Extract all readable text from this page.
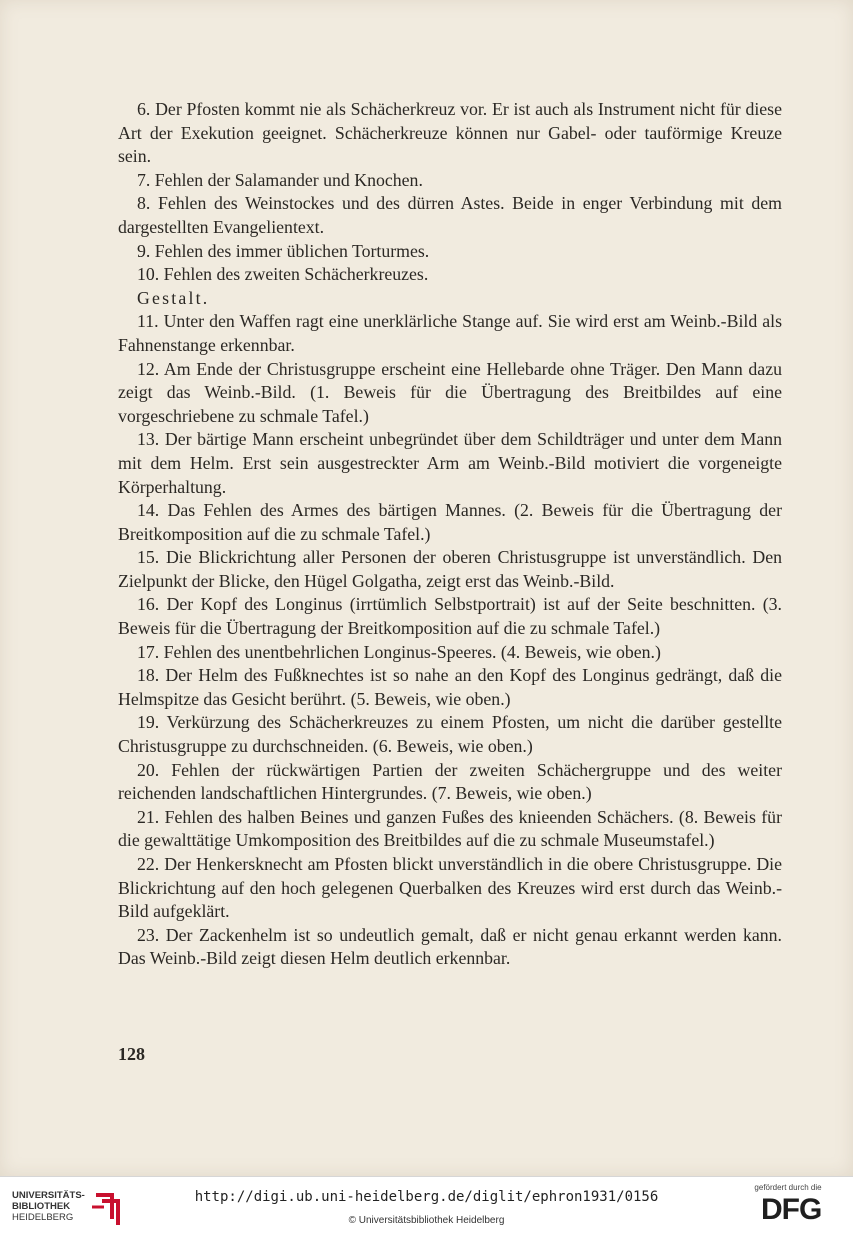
6. Der Pfosten kommt nie als Schächerkreuz vor. Er ist auch als Instrument nicht für diese Art der Exekution geeignet. Schächerkreuze können nur Gabel- oder tauförmige Kreuze sein.

7. Fehlen der Salamander und Knochen.

8. Fehlen des Weinstockes und des dürren Astes. Beide in enger Verbindung mit dem dargestellten Evangelientext.

9. Fehlen des immer üblichen Torturmes.

10. Fehlen des zweiten Schächerkreuzes.

Gestalt.

11. Unter den Waffen ragt eine unerklärliche Stange auf. Sie wird erst am Weinb.-Bild als Fahnenstange erkennbar.

12. Am Ende der Christusgruppe erscheint eine Hellebarde ohne Träger. Den Mann dazu zeigt das Weinb.-Bild. (1. Beweis für die Übertragung des Breitbildes auf eine vorgeschriebene zu schmale Tafel.)

13. Der bärtige Mann erscheint unbegründet über dem Schildträger und unter dem Mann mit dem Helm. Erst sein ausgestreckter Arm am Weinb.-Bild motiviert die vorgeneigte Körperhaltung.

14. Das Fehlen des Armes des bärtigen Mannes. (2. Beweis für die Übertragung der Breitkomposition auf die zu schmale Tafel.)

15. Die Blickrichtung aller Personen der oberen Christusgruppe ist unverständlich. Den Zielpunkt der Blicke, den Hügel Golgatha, zeigt erst das Weinb.-Bild.

16. Der Kopf des Longinus (irrtümlich Selbstportrait) ist auf der Seite beschnitten. (3. Beweis für die Übertragung der Breitkomposition auf die zu schmale Tafel.)

17. Fehlen des unentbehrlichen Longinus-Speeres. (4. Beweis, wie oben.)

18. Der Helm des Fußknechtes ist so nahe an den Kopf des Longinus gedrängt, daß die Helmspitze das Gesicht berührt. (5. Beweis, wie oben.)

19. Verkürzung des Schächerkreuzes zu einem Pfosten, um nicht die darüber gestellte Christusgruppe zu durchschneiden. (6. Beweis, wie oben.)

20. Fehlen der rückwärtigen Partien der zweiten Schächergruppe und des weiter reichenden landschaftlichen Hintergrundes. (7. Beweis, wie oben.)

21. Fehlen des halben Beines und ganzen Fußes des knieenden Schächers. (8. Beweis für die gewalttätige Umkomposition des Breitbildes auf die zu schmale Museumstafel.)

22. Der Henkersknecht am Pfosten blickt unverständlich in die obere Christusgruppe. Die Blickrichtung auf den hoch gelegenen Querbalken des Kreuzes wird erst durch das Weinb.-Bild aufgeklärt.

23. Der Zackenhelm ist so undeutlich gemalt, daß er nicht genau erkannt werden kann. Das Weinb.-Bild zeigt diesen Helm deutlich erkennbar.

128
UNIVERSITÄTS-
BIBLIOTHEK
HEIDELBERG
http://digi.ub.uni-heidelberg.de/diglit/ephron1931/0156
© Universitätsbibliothek Heidelberg
gefördert durch die
DFG
